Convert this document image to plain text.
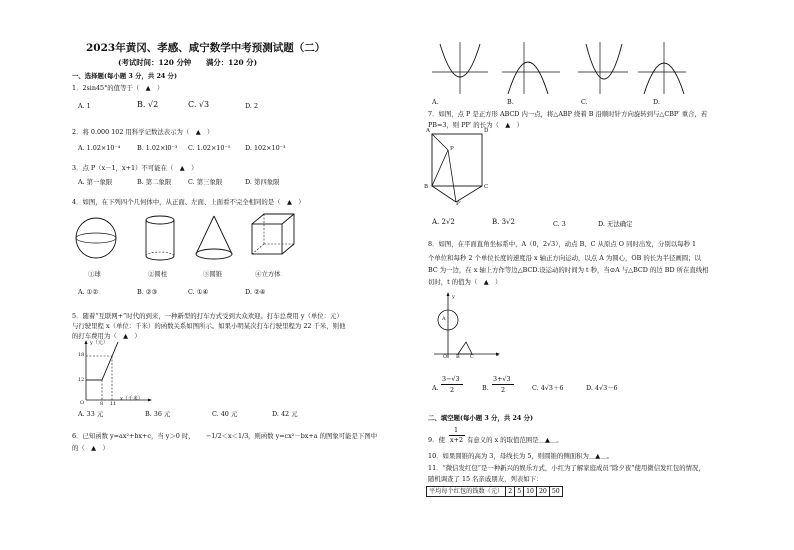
2023年黄冈、孝感、咸宁数学中考预测试题（二）
(考试时间：120 分钟　　满分：120 分)
一、选择题(每小题 3 分，共 24 分)
1．2sin45°的值等于（　▲　）
A. 1	B. √2	C. √3	D. 2
2．将 0.000 102 用科学记数法表示为（　▲　）
A. 1.02×10⁻⁴	B. 1.02×l0⁻³ C. 1.02×10⁻⁵ D. 102×10⁻³
3．点 P（x－1，x+1）不可能在（　▲　）
A. 第一象限	B. 第二象限	C. 第三象限	D. 第四象限
4．如图，在下列四个几何体中，从正面、左面、上面看不完全相同的是（　▲　）
①球	②圆柱	③圆锥	④立方体
A. ①②	B. ②③	C. ①④	D. ②④
5．随着“互联网+”时代的到来，一种新型的打车方式受到大众欢迎。打车总费用 y（单位：元）
与行驶里程 x（单位：千米）的函数关系如图所示。如果小明某次打车行驶里程为 22 千米，则他
的打车费用为（　▲　）
y（元）
18
12
O	8 11
x（千米）
A. 33 元	B. 36 元	C. 40 元	D. 42 元
6．已知函数 y=ax²+bx+c，当 y＞0 时， −1/2＜x＜1/3 ，则函数 y=cx²－bx+a 的图象可能是下图中
的（　▲　）
A.	B.	C.	D.
7．如图，点 P 是正方形 ABCD 内一点，将△ABP 绕着 B 沿顺时针方向旋转到与△CBP′ 重合，若
PB=3，则 PP′ 的长为（　▲　）
A	D
P
B	C
P′
A. 2√2	B. 3√2	C. 3	D. 无法确定
8．如图，在平面直角坐标系中，A（0，2√3），动点 B、C 从原点 O 同时出发，分别以每秒 1
个单位和每秒 2 个单位长度的速度沿 x 轴正方向运动，以点 A 为圆心，OB 的长为半径画圆；以
BC 为一边，在 x 轴上方作等边△BCD.设运动的时间为 t 秒，当⊙A 与△BCD 的边 BD 所在直线相
切时，t 的值为（　▲　）
y
A
O B C	x
A.
3−√3
2	B.
3+√3
2	C. 4√3＋6	D. 4√3－6
二、填空题(每小题 3 分，共 24 分)
9．使
1
x+2 有意义的 x 的取值范围是＿▲＿。
10．如果圆锥的高为 3，母线长为 5，则圆锥的侧面积为＿▲＿。
11．“微信发红包”是一种新兴的娱乐方式，小红为了解家庭成员“除夕夜”使用微信发红包的情况，
随机调查了 15 名亲戚朋友，列表如下：
平均每个红包的钱数（元）	2	5	10	20	50
